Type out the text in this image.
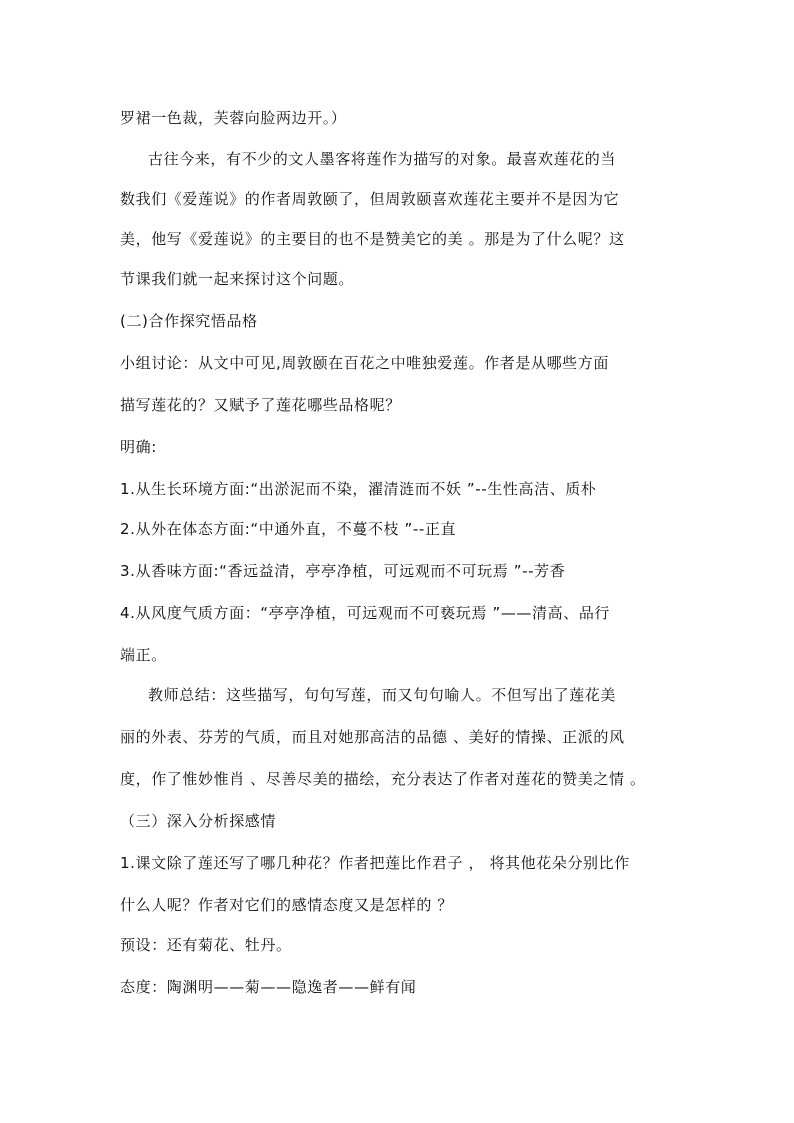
罗裙一色裁，芙蓉向脸两边开。）
古往今来，有不少的文人墨客将莲作为描写的对象。最喜欢莲花的当
数我们《爱莲说》的作者周敦颐了，但周敦颐喜欢莲花主要并不是因为它
美，他写《爱莲说》的主要目的也不是赞美它的美 。那是为了什么呢？这
节课我们就一起来探讨这个问题。
(二)合作探究悟品格
小组讨论：从文中可见,周敦颐在百花之中唯独爱莲。作者是从哪些方面
描写莲花的？又赋予了莲花哪些品格呢？
明确:
1.从生长环境方面:“出淤泥而不染，濯清涟而不妖 ”--生性高洁、质朴
2.从外在体态方面:“中通外直，不蔓不枝 ”--正直
3.从香味方面:“香远益清，亭亭净植，可远观而不可玩焉 ”--芳香
4.从风度气质方面：“亭亭净植，可远观而不可亵玩焉 ”——清高、品行
端正。
教师总结：这些描写，句句写莲，而又句句喻人。不但写出了莲花美
丽的外表、芬芳的气质，而且对她那高洁的品德 、美好的情操、正派的风
度，作了惟妙惟肖 、尽善尽美的描绘，充分表达了作者对莲花的赞美之情 。
（三）深入分析探感情
1.课文除了莲还写了哪几种花？作者把莲比作君子 ， 将其他花朵分别比作
什么人呢？作者对它们的感情态度又是怎样的 ？
预设：还有菊花、牡丹。
态度：陶渊明——菊——隐逸者——鲜有闻
